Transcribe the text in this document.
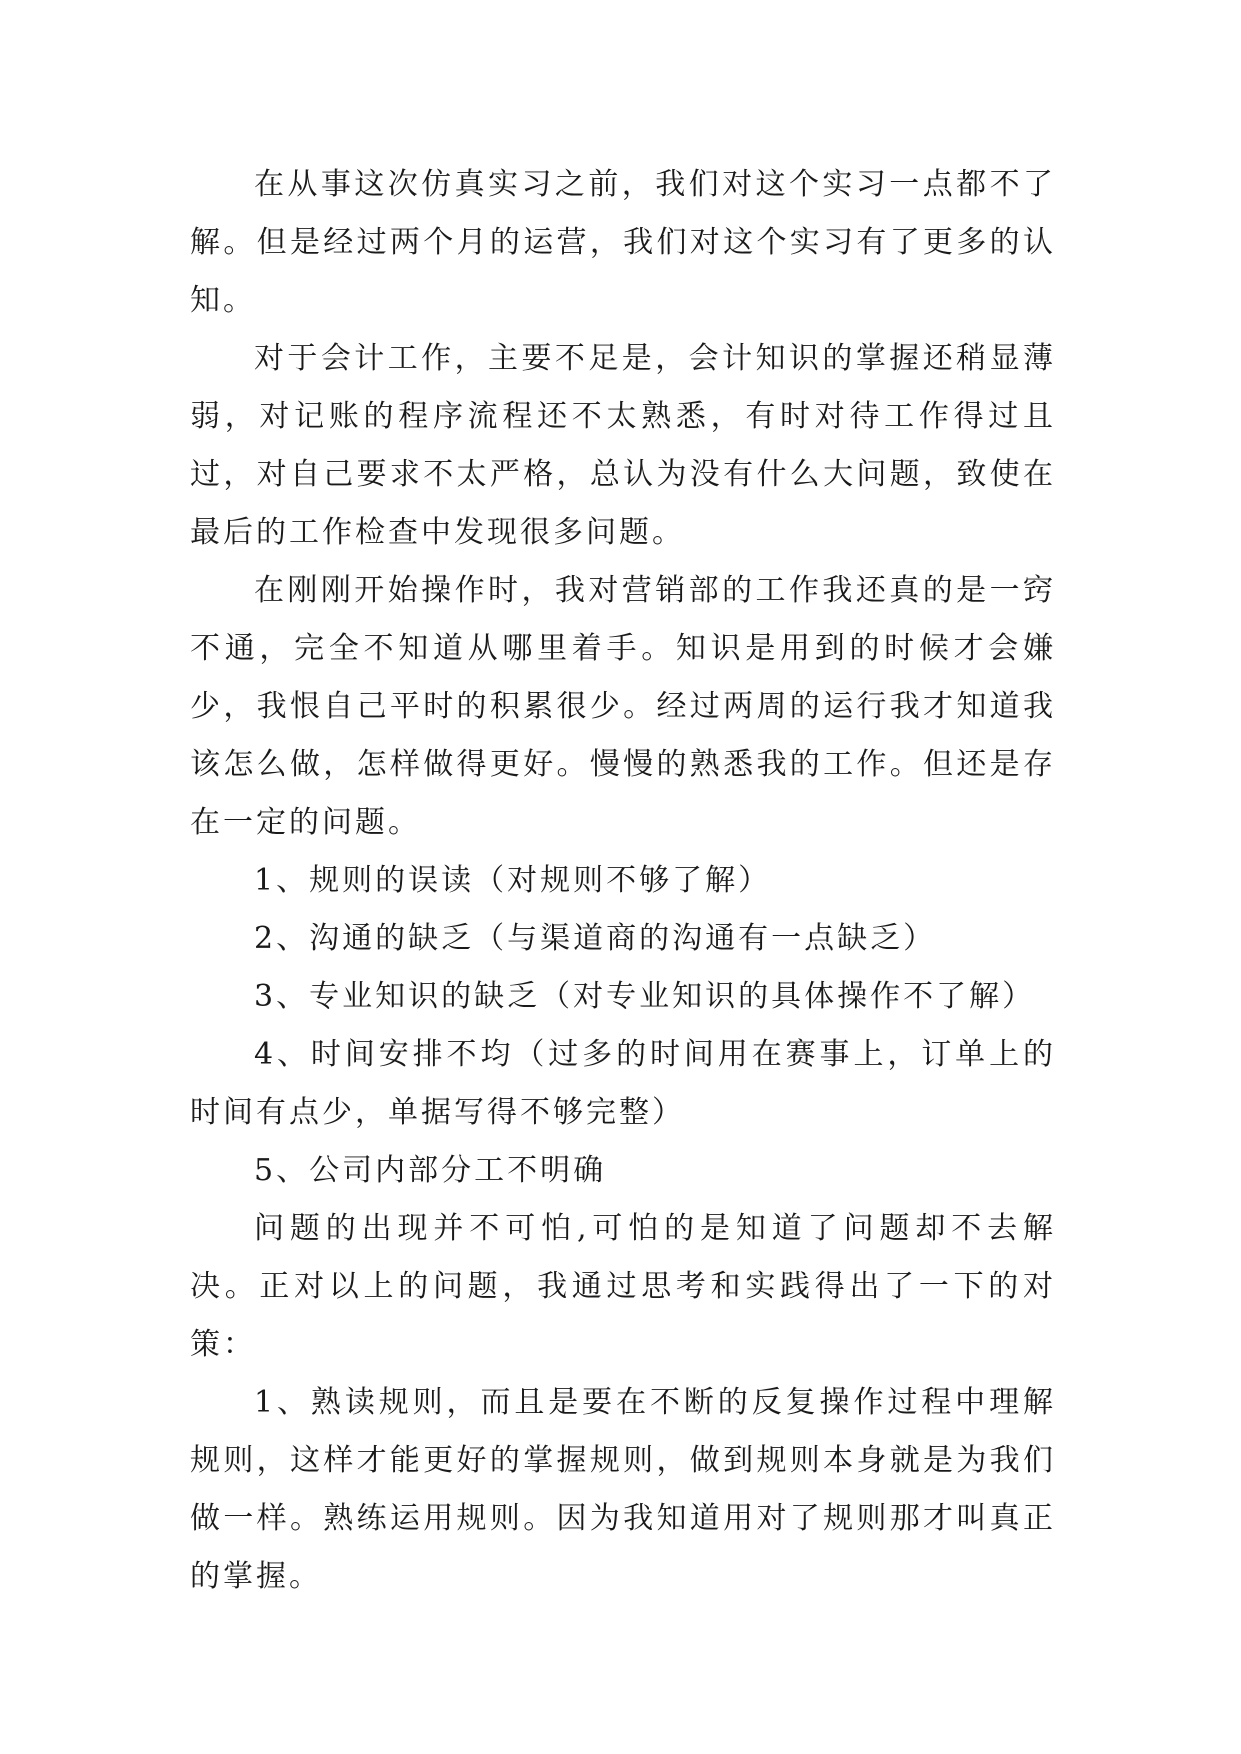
在从事这次仿真实习之前，我们对这个实习一点都不了解。但是经过两个月的运营，我们对这个实习有了更多的认知。

对于会计工作，主要不足是，会计知识的掌握还稍显薄弱，对记账的程序流程还不太熟悉，有时对待工作得过且过，对自己要求不太严格，总认为没有什么大问题，致使在最后的工作检查中发现很多问题。

在刚刚开始操作时，我对营销部的工作我还真的是一窍不通，完全不知道从哪里着手。知识是用到的时候才会嫌少，我恨自己平时的积累很少。经过两周的运行我才知道我该怎么做，怎样做得更好。慢慢的熟悉我的工作。但还是存在一定的问题。

1、规则的误读（对规则不够了解）

2、沟通的缺乏（与渠道商的沟通有一点缺乏）

3、专业知识的缺乏（对专业知识的具体操作不了解）

4、时间安排不均（过多的时间用在赛事上，订单上的时间有点少，单据写得不够完整）

5、公司内部分工不明确

问题的出现并不可怕,可怕的是知道了问题却不去解决。正对以上的问题，我通过思考和实践得出了一下的对策：

1、熟读规则，而且是要在不断的反复操作过程中理解规则，这样才能更好的掌握规则，做到规则本身就是为我们做一样。熟练运用规则。因为我知道用对了规则那才叫真正的掌握。
